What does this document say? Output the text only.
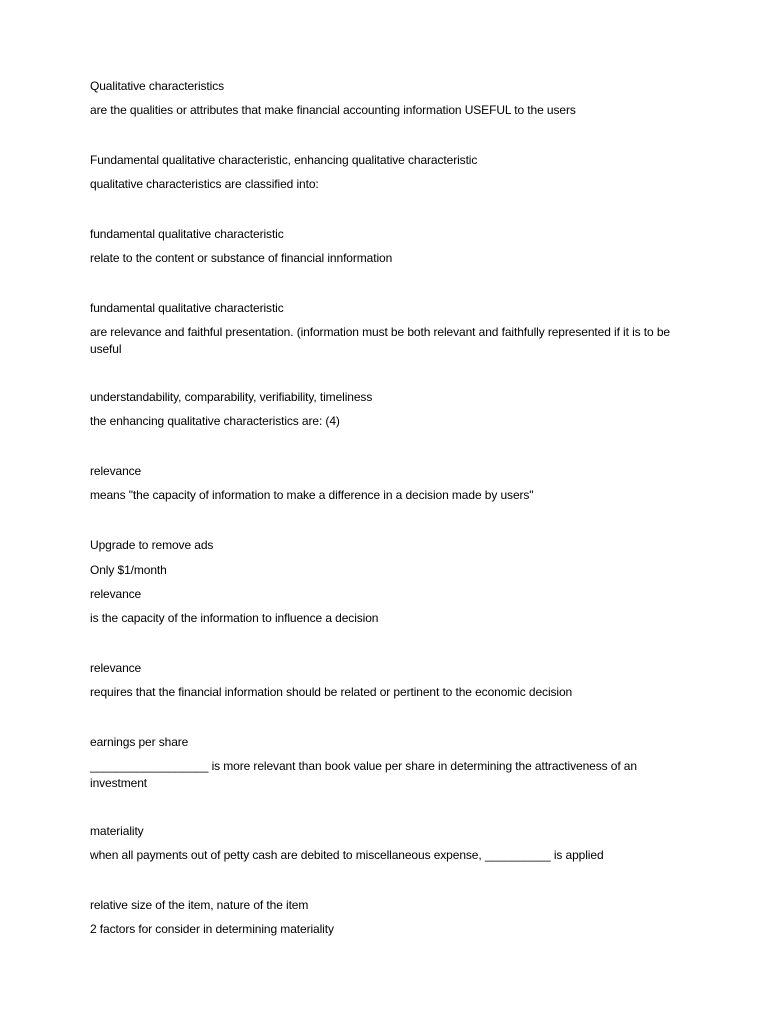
Qualitative characteristics
are the qualities or attributes that make financial accounting information USEFUL to the users
Fundamental qualitative characteristic, enhancing qualitative characteristic
qualitative characteristics are classified into:
fundamental qualitative characteristic
relate to the content or substance of financial innformation
fundamental qualitative characteristic
are relevance and faithful presentation. (information must be both relevant and faithfully represented if it is to be useful
understandability, comparability, verifiability, timeliness
the enhancing qualitative characteristics are: (4)
relevance
means "the capacity of information to make a difference in a decision made by users"
Upgrade to remove ads
Only $1/month
relevance
is the capacity of the information to influence a decision
relevance
requires that the financial information should be related or pertinent to the economic decision
earnings per share
__________________ is more relevant than book value per share in determining the attractiveness of an investment
materiality
when all payments out of petty cash are debited to miscellaneous expense, __________ is applied
relative size of the item, nature of the item
2 factors for consider in determining materiality
